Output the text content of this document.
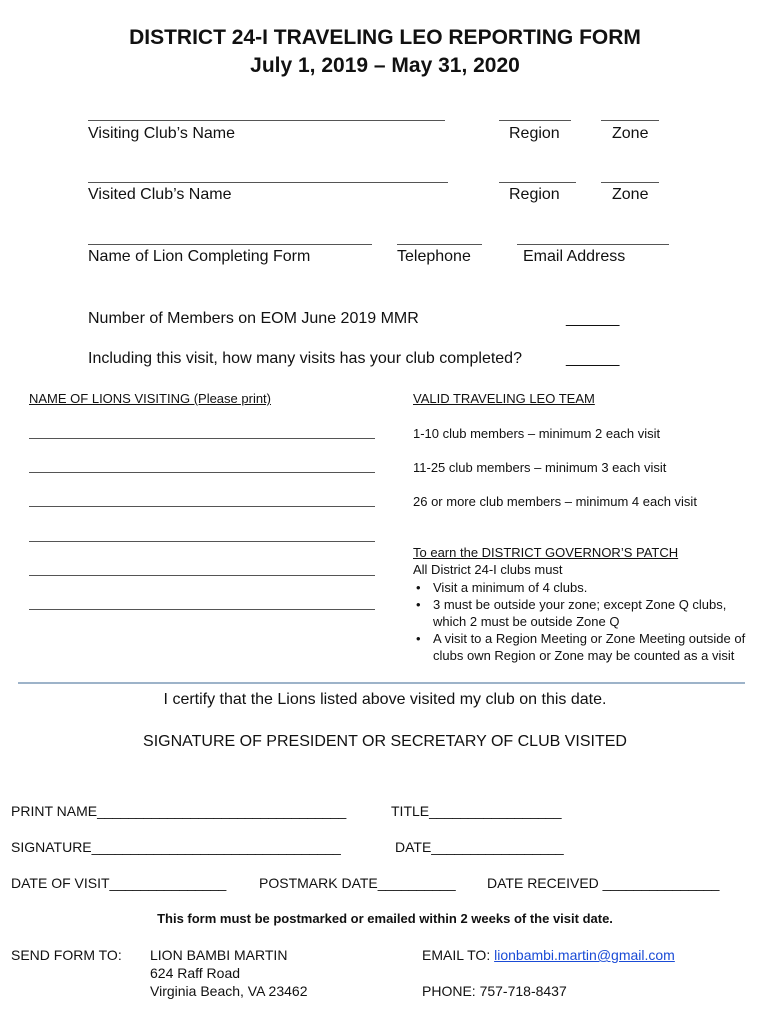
DISTRICT 24-I TRAVELING LEO REPORTING FORM
July 1, 2019 – May 31, 2020
Visiting Club’s Name	Region	Zone
Visited Club’s Name	Region	Zone
Name of Lion Completing Form	Telephone	Email Address
Number of Members on EOM June 2019 MMR	______
Including this visit, how many visits has your club completed?	______
NAME OF LIONS VISITING (Please print)	VALID TRAVELING LEO TEAM
1-10 club members – minimum 2 each visit
11-25 club members – minimum 3 each visit
26 or more club members – minimum 4 each visit
To earn the DISTRICT GOVERNOR’S PATCH
All District 24-I clubs must
• Visit a minimum of 4 clubs.
• 3 must be outside your zone; except Zone Q clubs, which 2 must be outside Zone Q
• A visit to a Region Meeting or Zone Meeting outside of clubs own Region or Zone may be counted as a visit
I certify that the Lions listed above visited my club on this date.
SIGNATURE OF PRESIDENT OR SECRETARY OF CLUB VISITED
PRINT NAME________________________________	TITLE_________________
SIGNATURE________________________________	DATE_________________
DATE OF VISIT_______________ POSTMARK DATE__________ DATE RECEIVED _______________
This form must be postmarked or emailed within 2 weeks of the visit date.
SEND FORM TO: LION BAMBI MARTIN
624 Raff Road
Virginia Beach, VA 23462
EMAIL TO: lionbambi.martin@gmail.com
PHONE: 757-718-8437
